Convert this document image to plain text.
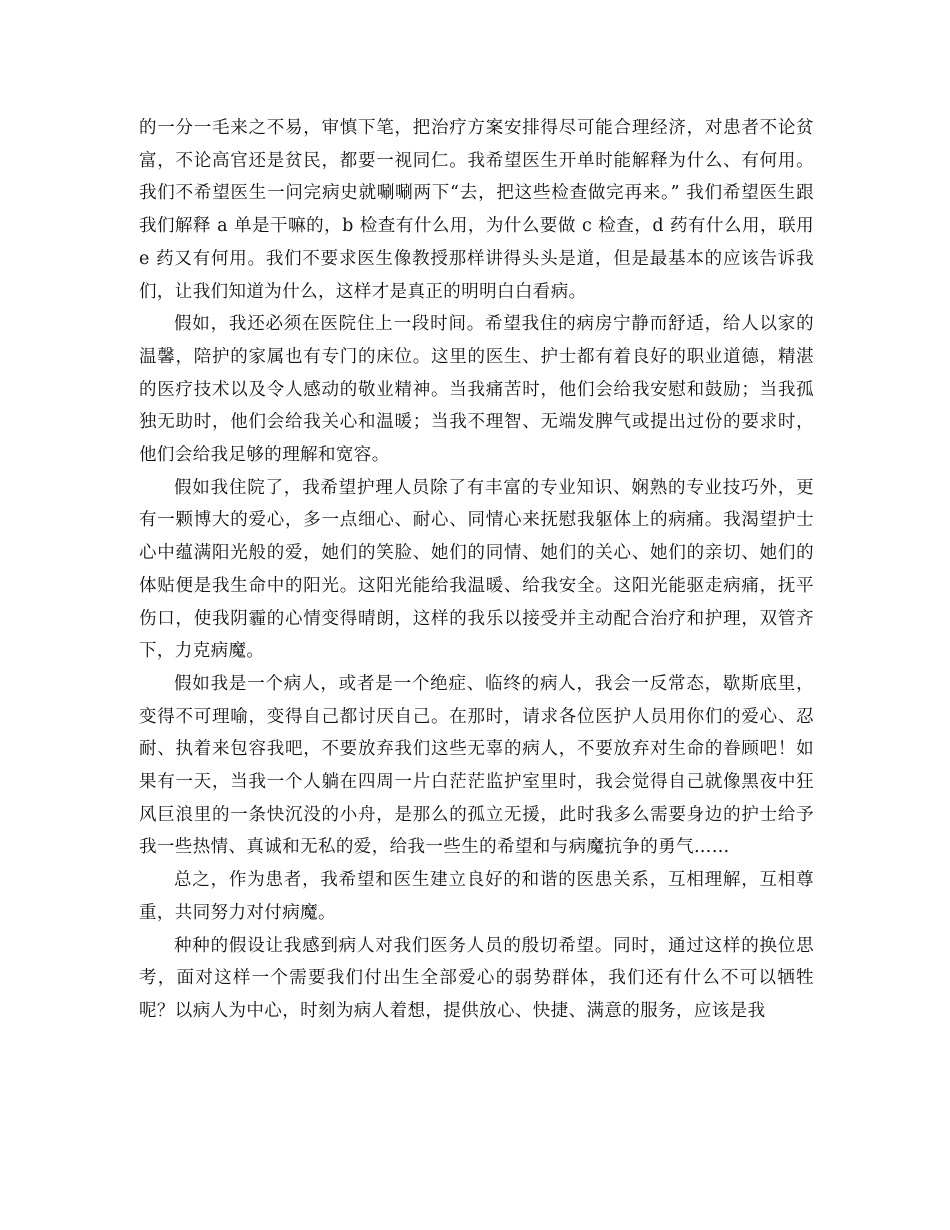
的一分一毛来之不易，审慎下笔，把治疗方案安排得尽可能合理经济，对患者不论贫富，不论高官还是贫民，都要一视同仁。我希望医生开单时能解释为什么、有何用。我们不希望医生一问完病史就唰唰两下“去，把这些检查做完再来。” 我们希望医生跟我们解释 a 单是干嘛的，b 检查有什么用，为什么要做 c 检查，d 药有什么用，联用 e 药又有何用。我们不要求医生像教授那样讲得头头是道，但是最基本的应该告诉我们，让我们知道为什么，这样才是真正的明明白白看病。

假如，我还必须在医院住上一段时间。希望我住的病房宁静而舒适，给人以家的温馨，陪护的家属也有专门的床位。这里的医生、护士都有着良好的职业道德，精湛的医疗技术以及令人感动的敬业精神。当我痛苦时，他们会给我安慰和鼓励；当我孤独无助时，他们会给我关心和温暖；当我不理智、无端发脾气或提出过份的要求时，他们会给我足够的理解和宽容。

假如我住院了，我希望护理人员除了有丰富的专业知识、娴熟的专业技巧外，更有一颗博大的爱心，多一点细心、耐心、同情心来抚慰我躯体上的病痛。我渴望护士心中蕴满阳光般的爱，她们的笑脸、她们的同情、她们的关心、她们的亲切、她们的体贴便是我生命中的阳光。这阳光能给我温暖、给我安全。这阳光能驱走病痛，抚平伤口，使我阴霾的心情变得晴朗，这样的我乐以接受并主动配合治疗和护理，双管齐下，力克病魔。

假如我是一个病人，或者是一个绝症、临终的病人，我会一反常态，歇斯底里，变得不可理喻，变得自己都讨厌自己。在那时，请求各位医护人员用你们的爱心、忍耐、执着来包容我吧，不要放弃我们这些无辜的病人，不要放弃对生命的眷顾吧！如果有一天，当我一个人躺在四周一片白茫茫监护室里时，我会觉得自己就像黑夜中狂风巨浪里的一条快沉没的小舟，是那么的孤立无援，此时我多么需要身边的护士给予我一些热情、真诚和无私的爱，给我一些生的希望和与病魔抗争的勇气……

总之，作为患者，我希望和医生建立良好的和谐的医患关系，互相理解，互相尊重，共同努力对付病魔。

种种的假设让我感到病人对我们医务人员的殷切希望。同时，通过这样的换位思考，面对这样一个需要我们付出生全部爱心的弱势群体，我们还有什么不可以牺牲呢？以病人为中心，时刻为病人着想，提供放心、快捷、满意的服务，应该是我
